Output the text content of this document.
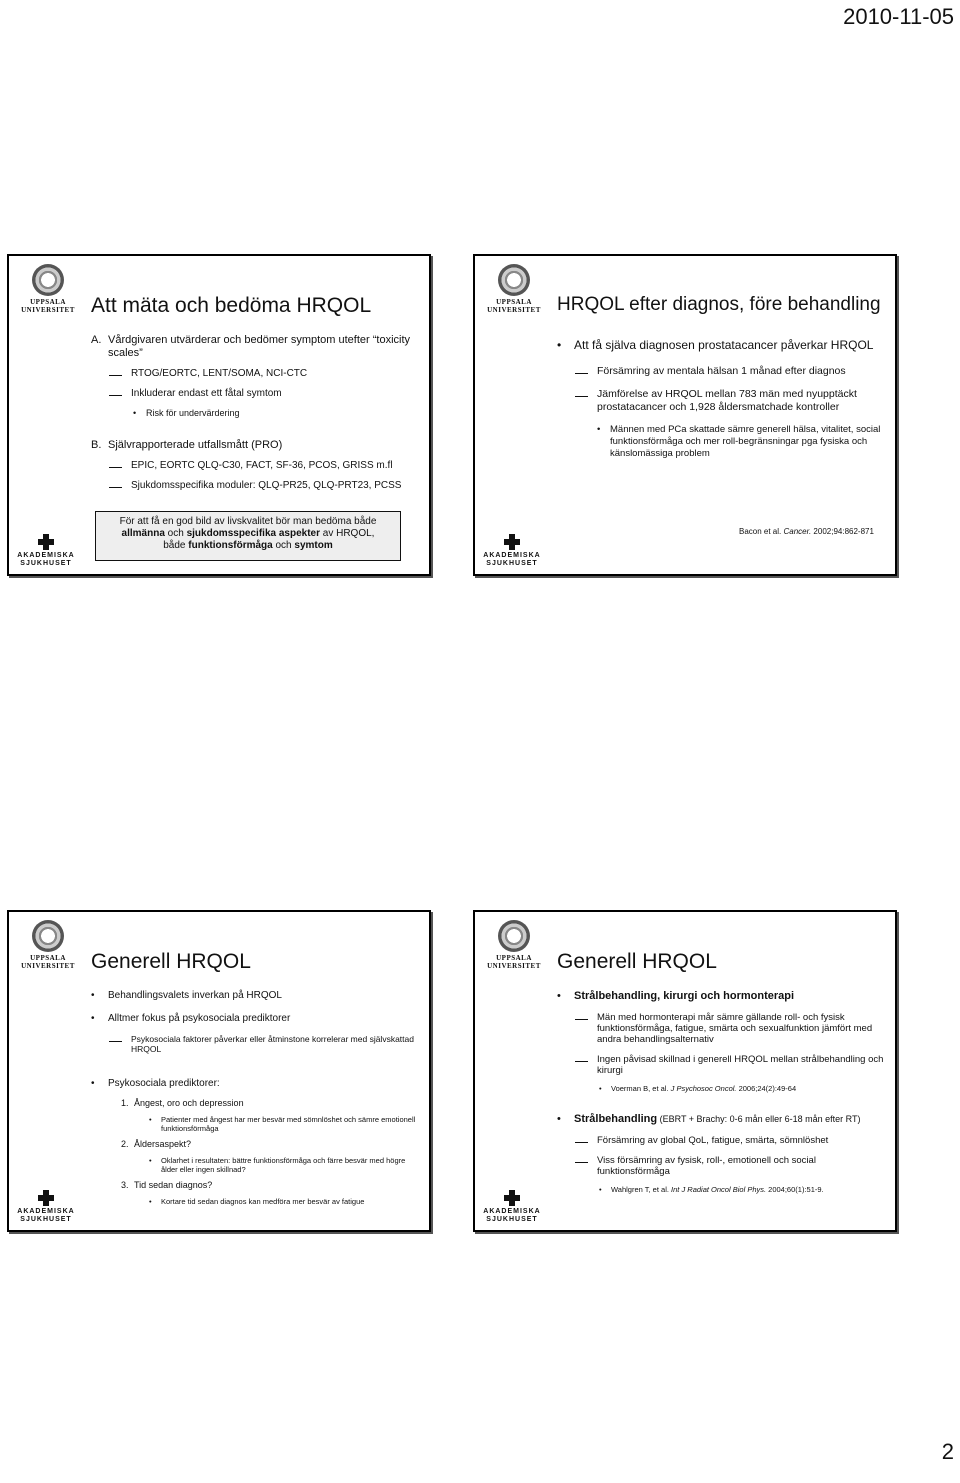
2010-11-05
UPPSALA
UNIVERSITET Att mäta och bedöma HRQOL
A. Vårdgivaren utvärderar och bedömer symptom utefter “toxicity scales”
RTOG/EORTC, LENT/SOMA, NCI-CTC
Inkluderar endast ett fåtal symtom
•	Risk för undervärdering
B. Självrapporterade utfallsmått (PRO)
EPIC, EORTC QLQ-C30, FACT, SF-36, PCOS, GRISS m.fl
Sjukdomsspecifika moduler: QLQ-PR25, QLQ-PRT23, PCSS
För att få en god bild av livskvalitet bör man bedöma både
allmänna och sjukdomsspecifika aspekter av HRQOL,
både funktionsförmåga och symtom
AKADEMISKA
SJUKHUSET
UPPSALA
UNIVERSITET HRQOL efter diagnos, före behandling
•	Att få själva diagnosen prostatacancer påverkar HRQOL
Försämring av mentala hälsan 1 månad efter diagnos
Jämförelse av HRQOL mellan 783 män med nyupptäckt prostatacancer och 1,928 åldersmatchade kontroller
•	Männen med PCa skattade sämre generell hälsa, vitalitet, social funktionsförmåga och mer roll-begränsningar pga fysiska och känslomässiga problem
Bacon et al. Cancer. 2002;94:862-871
AKADEMISKA
SJUKHUSET
UPPSALA
UNIVERSITET Generell HRQOL
•	Behandlingsvalets inverkan på HRQOL
•	Alltmer fokus på psykosociala prediktorer
Psykosociala faktorer påverkar eller åtminstone korrelerar med självskattad HRQOL
•	Psykosociala prediktorer:
1. Ångest, oro och depression
•	Patienter med ångest har mer besvär med sömnlöshet och sämre emotionell funktionsförmåga
2. Åldersaspekt?
•	Oklarhet i resultaten: bättre funktionsförmåga och färre besvär med högre ålder eller ingen skillnad?
3. Tid sedan diagnos?
•	Kortare tid sedan diagnos kan medföra mer besvär av fatigue
AKADEMISKA
SJUKHUSET
UPPSALA
UNIVERSITET Generell HRQOL
•	Strålbehandling, kirurgi och hormonterapi
Män med hormonterapi mår sämre gällande roll- och fysisk funktionsförmåga, fatigue, smärta och sexualfunktion jämfört med andra behandlingsalternativ
Ingen påvisad skillnad i generell HRQOL mellan strålbehandling och kirurgi
•	Voerman B, et al. J Psychosoc Oncol. 2006;24(2):49-64
•	Strålbehandling (EBRT + Brachy: 0-6 mån eller 6-18 mån efter RT)
Försämring av global QoL, fatigue, smärta, sömnlöshet
Viss försämring av fysisk, roll-, emotionell och social funktionsförmåga
•	Wahlgren T, et al. Int J Radiat Oncol Biol Phys. 2004;60(1):51-9.
AKADEMISKA
SJUKHUSET
2
